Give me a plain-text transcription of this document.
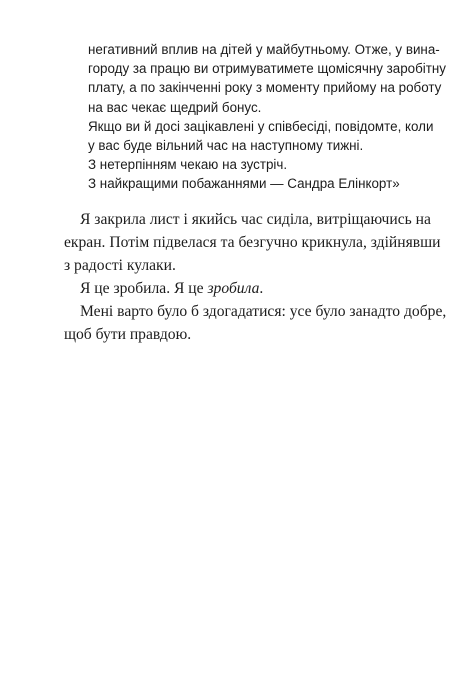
негативний вплив на дітей у майбутньому. Отже, у вина-
городу за працю ви отримуватимете щомісячну заробітну
плату, а по закінченні року з моменту прийому на роботу
на вас чекає щедрий бонус.
Якщо ви й досі зацікавлені у співбесіді, повідомте, коли
у вас буде вільний час на наступному тижні.
З нетерпінням чекаю на зустріч.
З найкращими побажаннями — Сандра Елінкорт»
Я закрила лист і якийсь час сиділа, витріщаючись на
екран. Потім підвелася та безгучно крикнула, здійнявши
з радості кулаки.
Я це зробила. Я це зробила.
Мені варто було б здогадатися: усе було занадто добре,
щоб бути правдою.
